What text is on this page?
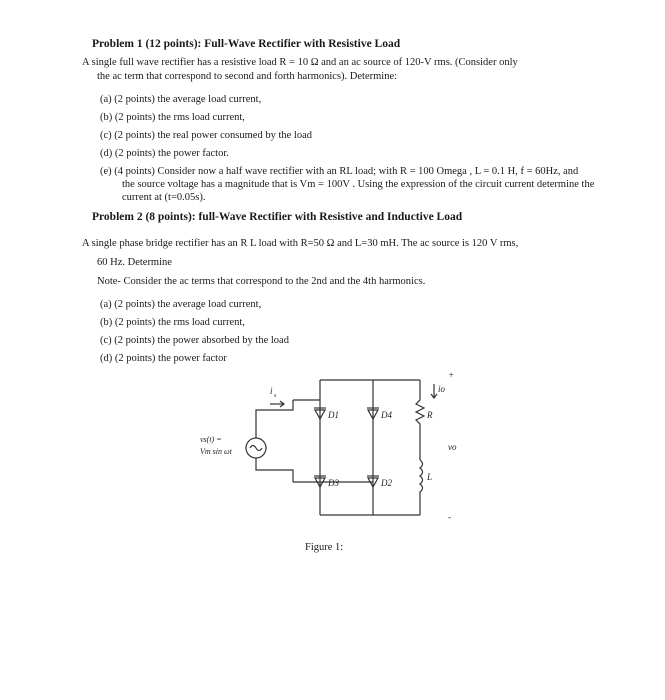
Problem 1 (12 points): Full-Wave Rectifier with Resistive Load
A single full wave rectifier has a resistive load R = 10 Ω and an ac source of 120-V rms. (Consider only
the ac term that correspond to second and forth harmonics). Determine:
(a) (2 points) the average load current,
(b) (2 points) the rms load current,
(c) (2 points) the real power consumed by the load
(d) (2 points) the power factor.
(e) (4 points) Consider now a half wave rectifier with an RL load; with R = 100 Omega , L = 0.1 H, f = 60Hz, and
the source voltage has a magnitude that is Vm = 100V . Using the expression of the circuit current determine the
current at (t=0.05s).
Problem 2 (8 points): full-Wave Rectifier with Resistive and Inductive Load
A single phase bridge rectifier has an R L load with R=50 Ω and L=30 mH. The ac source is 120 V rms,
60 Hz. Determine
Note- Consider the ac terms that correspond to the 2nd and the 4th harmonics.
(a) (2 points) the average load current,
(b) (2 points) the rms load current,
(c) (2 points) the power absorbed by the load
(d) (2 points) the power factor
i s
vs(t) =
Vm sin ωt
D1	D4
D3	D2
io
+
R
vo
L
-
Figure 1:
